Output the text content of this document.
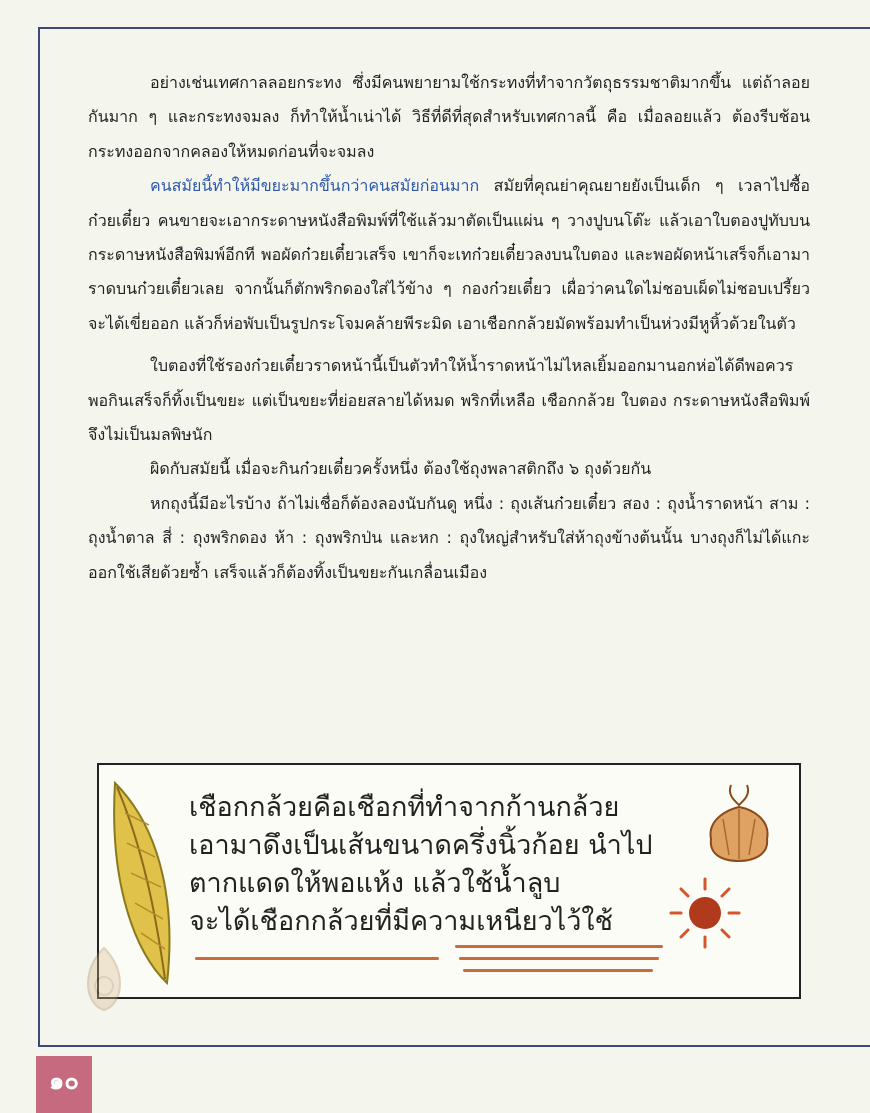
อย่างเช่นเทศกาลลอยกระทง ซึ่งมีคนพยายามใช้กระทงที่ทำจากวัตถุธรรมชาติมากขึ้น แต่ถ้าลอยกันมาก ๆ และกระทงจมลง ก็ทำให้น้ำเน่าได้ วิธีที่ดีที่สุดสำหรับเทศกาลนี้ คือ เมื่อลอยแล้ว ต้องรีบช้อนกระทงออกจากคลองให้หมดก่อนที่จะจมลง

คนสมัยนี้ทำให้มีขยะมากขึ้นกว่าคนสมัยก่อนมาก สมัยที่คุณย่าคุณยายยังเป็นเด็ก ๆ เวลาไปซื้อก๋วยเตี๋ยว คนขายจะเอากระดาษหนังสือพิมพ์ที่ใช้แล้วมาตัดเป็นแผ่น ๆ วางปูบนโต๊ะ แล้วเอาใบตองปูทับบนกระดาษหนังสือพิมพ์อีกที พอผัดก๋วยเตี๋ยวเสร็จ เขาก็จะเทก๋วยเตี๋ยวลงบนใบตอง และพอผัดหน้าเสร็จก็เอามาราดบนก๋วยเตี๋ยวเลย จากนั้นก็ตักพริกดองใส่ไว้ข้าง ๆ กองก๋วยเตี๋ยว เผื่อว่าคนใดไม่ชอบเผ็ดไม่ชอบเปรี้ยว จะได้เขี่ยออก แล้วก็ห่อพับเป็นรูปกระโจมคล้ายพีระมิด เอาเชือกกล้วยมัดพร้อมทำเป็นห่วงมีหูหิ้วด้วยในตัว

ใบตองที่ใช้รองก๋วยเตี๋ยวราดหน้านี้เป็นตัวทำให้น้ำราดหน้าไม่ไหลเยิ้มออกมานอกห่อได้ดีพอควร พอกินเสร็จก็ทิ้งเป็นขยะ แต่เป็นขยะที่ย่อยสลายได้หมด พริกที่เหลือ เชือกกล้วย ใบตอง กระดาษหนังสือพิมพ์ จึงไม่เป็นมลพิษนัก

ผิดกับสมัยนี้ เมื่อจะกินก๋วยเตี๋ยวครั้งหนึ่ง ต้องใช้ถุงพลาสติกถึง ๖ ถุงด้วยกัน

หกถุงนี้มีอะไรบ้าง ถ้าไม่เชื่อก็ต้องลองนับกันดู หนึ่ง : ถุงเส้นก๋วยเตี๋ยว สอง : ถุงน้ำราดหน้า สาม : ถุงน้ำตาล สี่ : ถุงพริกดอง ห้า : ถุงพริกป่น และหก : ถุงใหญ่สำหรับใส่ห้าถุงข้างต้นนั้น บางถุงก็ไม่ได้แกะออกใช้เสียด้วยซ้ำ เสร็จแล้วก็ต้องทิ้งเป็นขยะกันเกลื่อนเมือง

เชือกกล้วยคือเชือกที่ทำจากก้านกล้วย
เอามาดึงเป็นเส้นขนาดครึ่งนิ้วก้อย นำไป
ตากแดดให้พอแห้ง แล้วใช้น้ำลูบ
จะได้เชือกกล้วยที่มีความเหนียวไว้ใช้
๑๐
